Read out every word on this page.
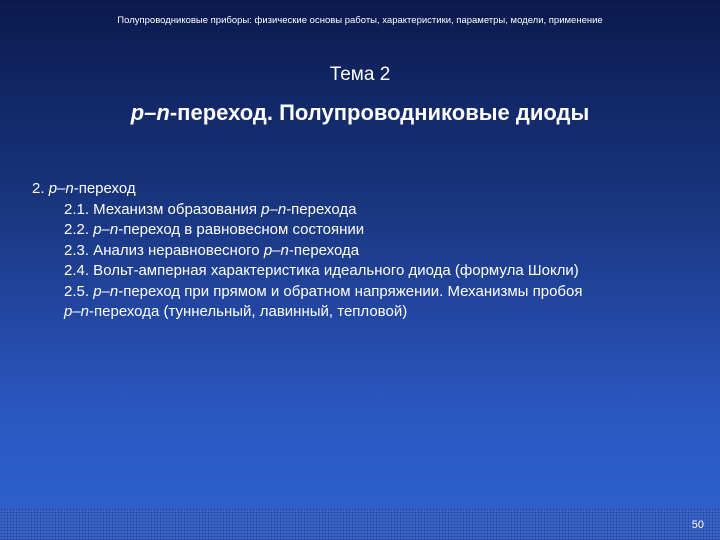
Полупроводниковые приборы: физические основы работы, характеристики, параметры, модели, применение
Тема 2
p–n-переход. Полупроводниковые диоды
2. p–n-переход
2.1. Механизм образования p–n-перехода
2.2. p–n-переход в равновесном состоянии
2.3. Анализ неравновесного p–n-перехода
2.4. Вольт-амперная характеристика идеального диода (формула Шокли)
2.5. p–n-переход при прямом и обратном напряжении. Механизмы пробоя
p–n-перехода (туннельный, лавинный, тепловой)
50
